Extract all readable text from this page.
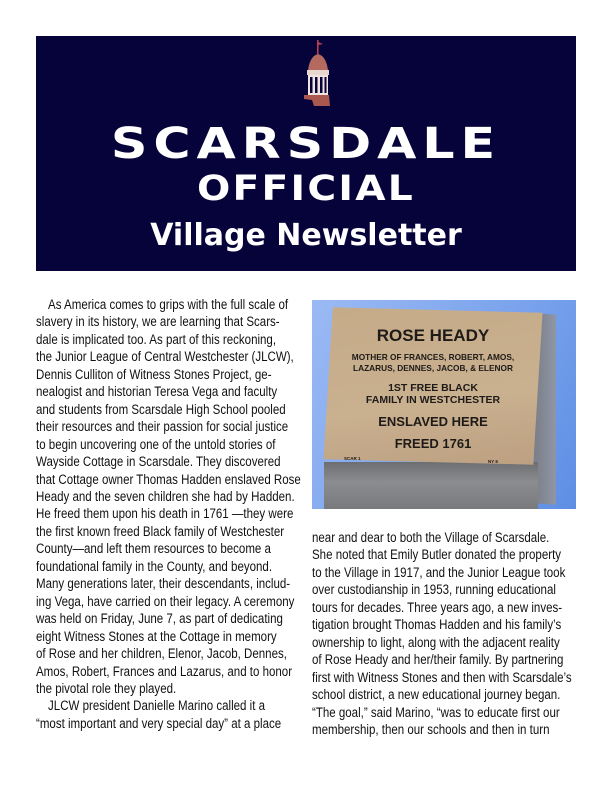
SCARSDALE
OFFICIAL
Village Newsletter
ROSE HEADY
MOTHER OF FRANCES, ROBERT, AMOS,
LAZARUS, DENNES, JACOB, & ELENOR
1ST FREE BLACK
FAMILY IN WESTCHESTER
ENSLAVED HERE
FREED 1761
SCAR 1
NY 6
As America comes to grips with the full scale of
slavery in its history, we are learning that Scars-
dale is implicated too. As part of this reckoning,
the Junior League of Central Westchester (JLCW),
Dennis Culliton of Witness Stones Project, ge-
nealogist and historian Teresa Vega and faculty
and students from Scarsdale High School pooled
their resources and their passion for social justice
to begin uncovering one of the untold stories of
Wayside Cottage in Scarsdale. They discovered
that Cottage owner Thomas Hadden enslaved Rose
Heady and the seven children she had by Hadden.
He freed them upon his death in 1761 —they were
the first known freed Black family of Westchester
County—and left them resources to become a
foundational family in the County, and beyond.
Many generations later, their descendants, includ-
ing Vega, have carried on their legacy. A ceremony
was held on Friday, June 7, as part of dedicating
eight Witness Stones at the Cottage in memory
of Rose and her children, Elenor, Jacob, Dennes,
Amos, Robert, Frances and Lazarus, and to honor
the pivotal role they played.
JLCW president Danielle Marino called it a
“most important and very special day” at a place
near and dear to both the Village of Scarsdale.
She noted that Emily Butler donated the property
to the Village in 1917, and the Junior League took
over custodianship in 1953, running educational
tours for decades. Three years ago, a new inves-
tigation brought Thomas Hadden and his family’s
ownership to light, along with the adjacent reality
of Rose Heady and her/their family. By partnering
first with Witness Stones and then with Scarsdale’s
school district, a new educational journey began.
“The goal,” said Marino, “was to educate first our
membership, then our schools and then in turn
